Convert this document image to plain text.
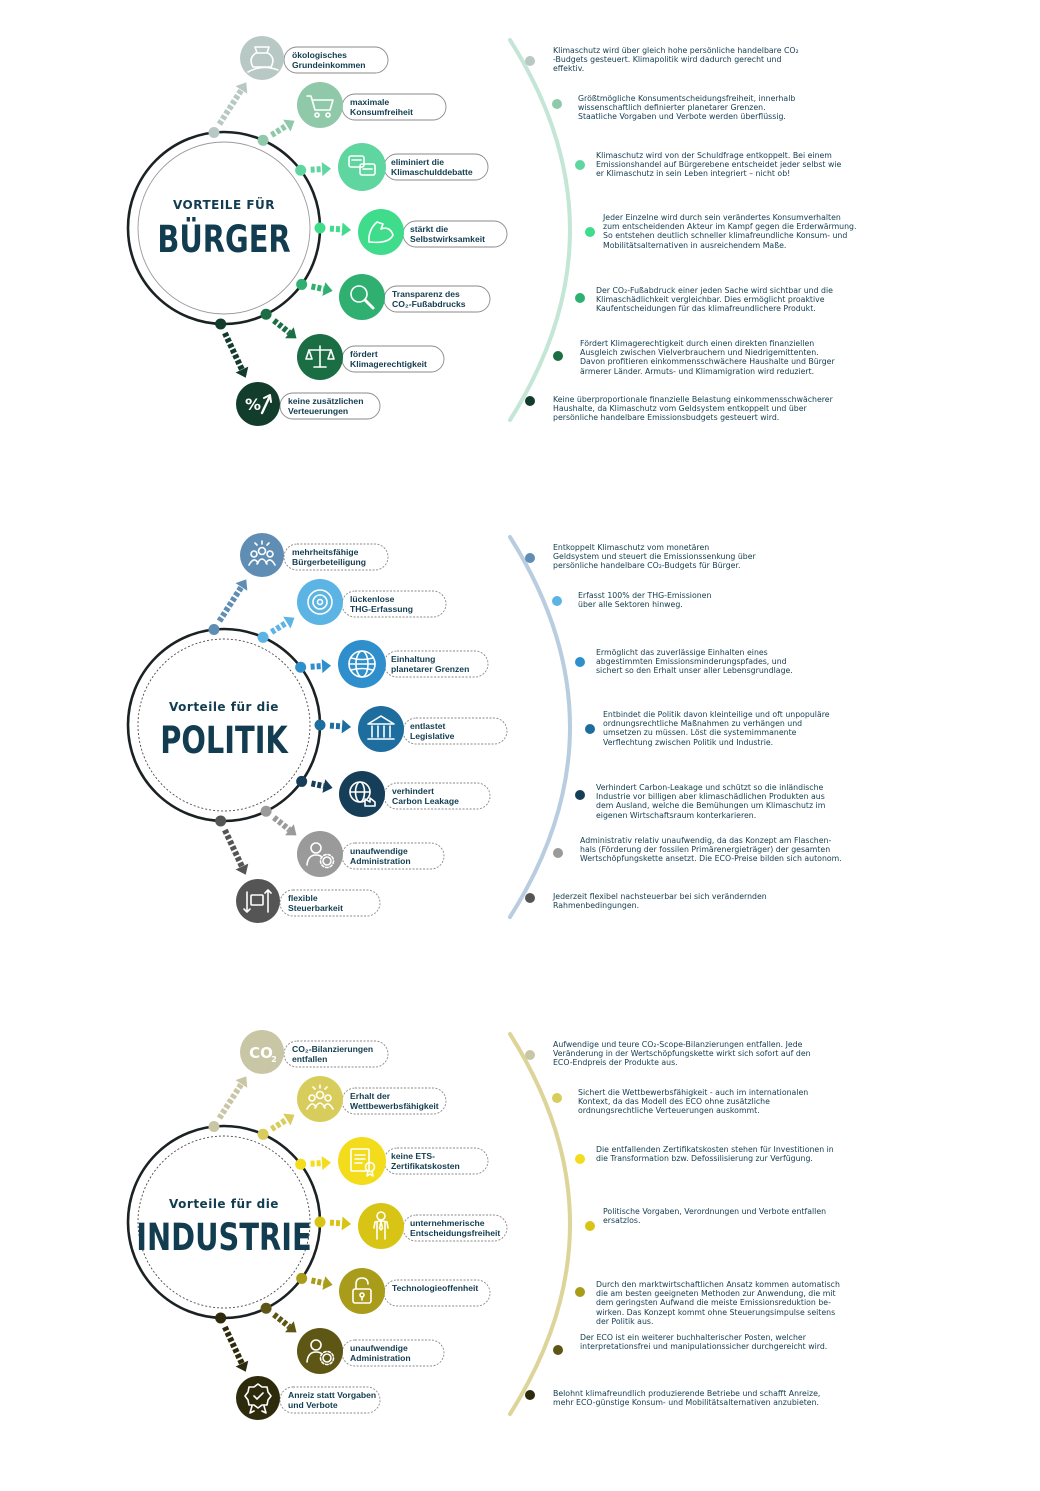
%
ökologisches
Grundeinkommen
Klimaschutz wird über gleich hohe persönliche handelbare CO₂
-Budgets gesteuert. Klimapolitik wird dadurch gerecht und
effektiv.
maximale
Konsumfreiheit
Größtmögliche Konsumentscheidungsfreiheit, innerhalb
wissenschaftlich definierter planetarer Grenzen.
Staatliche Vorgaben und Verbote werden überflüssig.
eliminiert die
Klimaschulddebatte
Klimaschutz wird von der Schuldfrage entkoppelt. Bei einem
Emissionshandel auf Bürgerebene entscheidet jeder selbst wie
er Klimaschutz in sein Leben integriert – nicht ob!
stärkt die
Selbstwirksamkeit
Jeder Einzelne wird durch sein verändertes Konsumverhalten
zum entscheidenden Akteur im Kampf gegen die Erderwärmung.
So entstehen deutlich schneller klimafreundliche Konsum- und
Mobilitätsalternativen in ausreichendem Maße.
Transparenz des
CO₂-Fußabdrucks
Der CO₂-Fußabdruck einer jeden Sache wird sichtbar und die
Klimaschädlichkeit vergleichbar. Dies ermöglicht proaktive
Kaufentscheidungen für das klimafreundlichere Produkt.
fördert
Klimagerechtigkeit
Fördert Klimagerechtigkeit durch einen direkten finanziellen
Ausgleich zwischen Vielverbrauchern und Niedrigemittenten.
Davon profitieren einkommensschwächere Haushalte und Bürger
ärmerer Länder. Armuts- und Klimamigration wird reduziert.
keine zusätzlichen
Verteuerungen
Keine überproportionale finanzielle Belastung einkommensschwächerer
Haushalte, da Klimaschutz vom Geldsystem entkoppelt und über
persönliche handelbare Emissionsbudgets gesteuert wird.
VORTEILE FÜR
BÜRGER
mehrheitsfähige
Bürgerbeteiligung
Entkoppelt Klimaschutz vom monetären
Geldsystem und steuert die Emissionssenkung über
persönliche handelbare CO₂-Budgets für Bürger.
lückenlose
THG-Erfassung
Erfasst 100% der THG-Emissionen
über alle Sektoren hinweg.
Einhaltung
planetarer Grenzen
Ermöglicht das zuverlässige Einhalten eines
abgestimmten Emissionsminderungspfades, und
sichert so den Erhalt unser aller Lebensgrundlage.
entlastet
Legislative
Entbindet die Politik davon kleinteilige und oft unpopuläre
ordnungsrechtliche Maßnahmen zu verhängen und
umsetzen zu müssen. Löst die systemimmanente
Verflechtung zwischen Politik und Industrie.
verhindert
Carbon Leakage
Verhindert Carbon-Leakage und schützt so die inländische
Industrie vor billigen aber klimaschädlichen Produkten aus
dem Ausland, welche die Bemühungen um Klimaschutz im
eigenen Wirtschaftsraum konterkarieren.
unaufwendige
Administration
Administrativ relativ unaufwendig, da das Konzept am Flaschen-
hals (Förderung der fossilen Primärenergieträger) der gesamten
Wertschöpfungskette ansetzt. Die ECO-Preise bilden sich autonom.
flexible
Steuerbarkeit
Jederzeit flexibel nachsteuerbar bei sich verändernden
Rahmenbedingungen.
Vorteile für die
POLITIK
CO
2
CO₂-Bilanzierungen
entfallen
Aufwendige und teure CO₂-Scope-Bilanzierungen entfallen. Jede
Veränderung in der Wertschöpfungskette wirkt sich sofort auf den
ECO-Endpreis der Produkte aus.
Erhalt der
Wettbewerbsfähigkeit
Sichert die Wettbewerbsfähigkeit - auch im internationalen
Kontext, da das Modell des ECO ohne zusätzliche
ordnungsrechtliche Verteuerungen auskommt.
keine ETS-
Zertifikatskosten
Die entfallenden Zertifikatskosten stehen für Investitionen in
die Transformation bzw. Defossilisierung zur Verfügung.
unternehmerische
Entscheidungsfreiheit
Politische Vorgaben, Verordnungen und Verbote entfallen
ersatzlos.
Technologieoffenheit	Durch den marktwirtschaftlichen Ansatz kommen automatisch
die am besten geeigneten Methoden zur Anwendung, die mit
dem geringsten Aufwand die meiste Emissionsreduktion be-
wirken. Das Konzept kommt ohne Steuerungsimpulse seitens
der Politik aus.
unaufwendige
Administration
Der ECO ist ein weiterer buchhalterischer Posten, welcher
interpretationsfrei und manipulationssicher durchgereicht wird.
Anreiz statt Vorgaben
und Verbote
Belohnt klimafreundlich produzierende Betriebe und schafft Anreize,
mehr ECO-günstige Konsum- und Mobilitätsalternativen anzubieten.
Vorteile für die
INDUSTRIE
